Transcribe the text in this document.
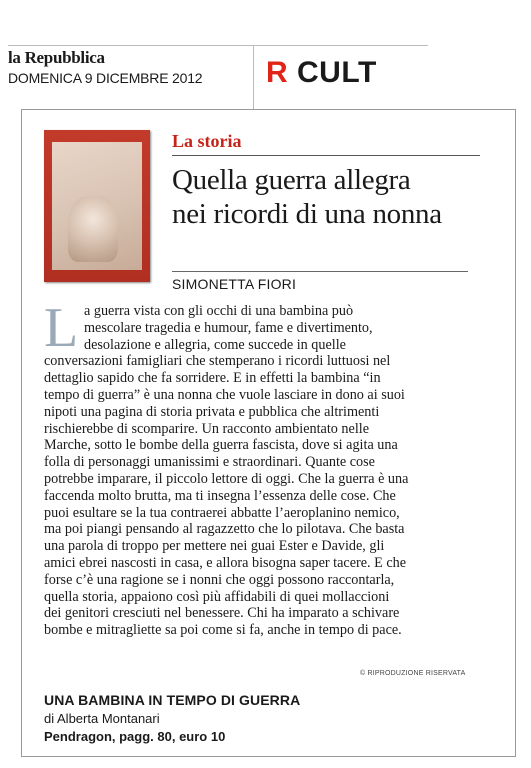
la Repubblica
DOMENICA 9 DICEMBRE 2012	R CULT
La storia
Quella guerra allegra
nei ricordi di una nonna
SIMONETTA FIORI
L a guerra vista con gli occhi di una bambina può
mescolare tragedia e humour, fame e divertimento,
desolazione e allegria, come succede in quelle
conversazioni famigliari che stemperano i ricordi luttuosi nel
dettaglio sapido che fa sorridere. E in effetti la bambina “in
tempo di guerra” è una nonna che vuole lasciare in dono ai suoi
nipoti una pagina di storia privata e pubblica che altrimenti
rischierebbe di scomparire. Un racconto ambientato nelle
Marche, sotto le bombe della guerra fascista, dove si agita una
folla di personaggi umanissimi e straordinari. Quante cose
potrebbe imparare, il piccolo lettore di oggi. Che la guerra è una
faccenda molto brutta, ma ti insegna l’essenza delle cose. Che
puoi esultare se la tua contraerei abbatte l’aeroplanino nemico,
ma poi piangi pensando al ragazzetto che lo pilotava. Che basta
una parola di troppo per mettere nei guai Ester e Davide, gli
amici ebrei nascosti in casa, e allora bisogna saper tacere. E che
forse c’è una ragione se i nonni che oggi possono raccontarla,
quella storia, appaiono così più affidabili di quei mollaccioni
dei genitori cresciuti nel benessere. Chi ha imparato a schivare
bombe e mitragliette sa poi come si fa, anche in tempo di pace.
© RIPRODUZIONE RISERVATA
UNA BAMBINA IN TEMPO DI GUERRA
di Alberta Montanari
Pendragon, pagg. 80, euro 10
